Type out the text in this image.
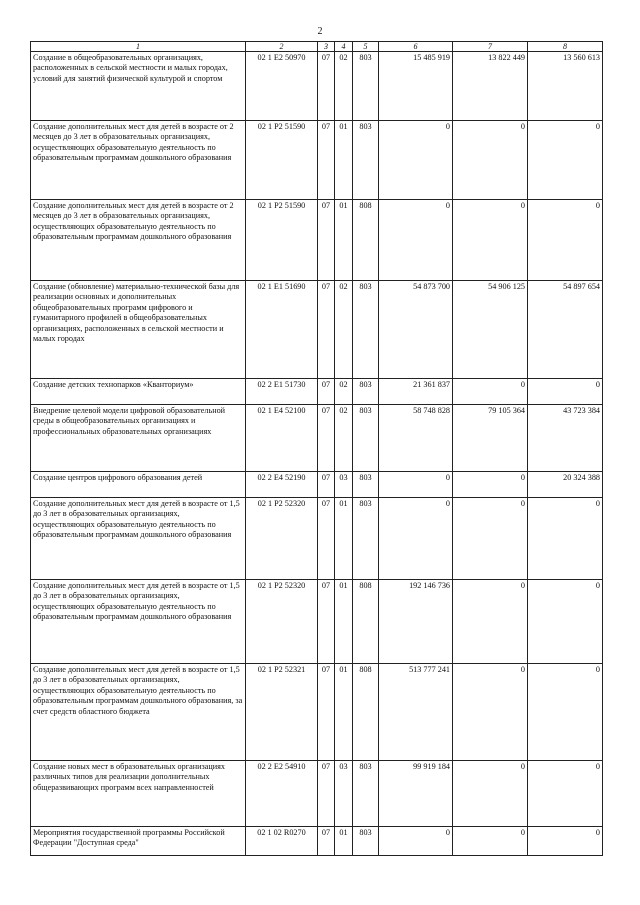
2
1	2	3	4	5	6	7	8
Создание в общеобразовательных организациях, расположенных в сельской местности и малых городах, условий для занятий физической культурой и спортом	02 1 E2 50970	07	02	803	15 485 919	13 822 449	13 560 613
Создание дополнительных мест для детей в возрасте от 2 месяцев до 3 лет в образовательных организациях, осуществляющих образовательную деятельность по образовательным программам дошкольного образования	02 1 P2 51590	07	01	803	0	0	0
Создание дополнительных мест для детей в возрасте от 2 месяцев до 3 лет в образовательных организациях, осуществляющих образовательную деятельность по образовательным программам дошкольного образования	02 1 P2 51590	07	01	808	0	0	0
Создание (обновление) материально-технической базы для реализации основных и дополнительных общеобразовательных программ цифрового и гуманитарного профилей в общеобразовательных организациях, расположенных в сельской местности и малых городах	02 1 E1 51690	07	02	803	54 873 700	54 906 125	54 897 654
Создание детских технопарков «Кванториум»	02 2 E1 51730	07	02	803	21 361 837	0	0
Внедрение целевой модели цифровой образовательной среды в общеобразовательных организациях и профессиональных образовательных организациях	02 1 E4 52100	07	02	803	58 748 828	79 105 364	43 723 384
Создание центров цифрового образования детей	02 2 E4 52190	07	03	803	0	0	20 324 388
Создание дополнительных мест для детей в возрасте от 1,5 до 3 лет в образовательных организациях, осуществляющих образовательную деятельность по образовательным программам дошкольного образования	02 1 P2 52320	07	01	803	0	0	0
Создание дополнительных мест для детей в возрасте от 1,5 до 3 лет в образовательных организациях, осуществляющих образовательную деятельность по образовательным программам дошкольного образования	02 1 P2 52320	07	01	808	192 146 736	0	0
Создание дополнительных мест для детей в возрасте от 1,5 до 3 лет в образовательных организациях, осуществляющих образовательную деятельность по образовательным программам дошкольного образования, за счет средств областного бюджета	02 1 P2 52321	07	01	808	513 777 241	0	0
Создание новых мест в образовательных организациях различных типов для реализации дополнительных общеразвивающих программ всех направленностей	02 2 E2 54910	07	03	803	99 919 184	0	0
Мероприятия государственной программы Российской Федерации "Доступная среда"	02 1 02 R0270	07	01	803	0	0	0
